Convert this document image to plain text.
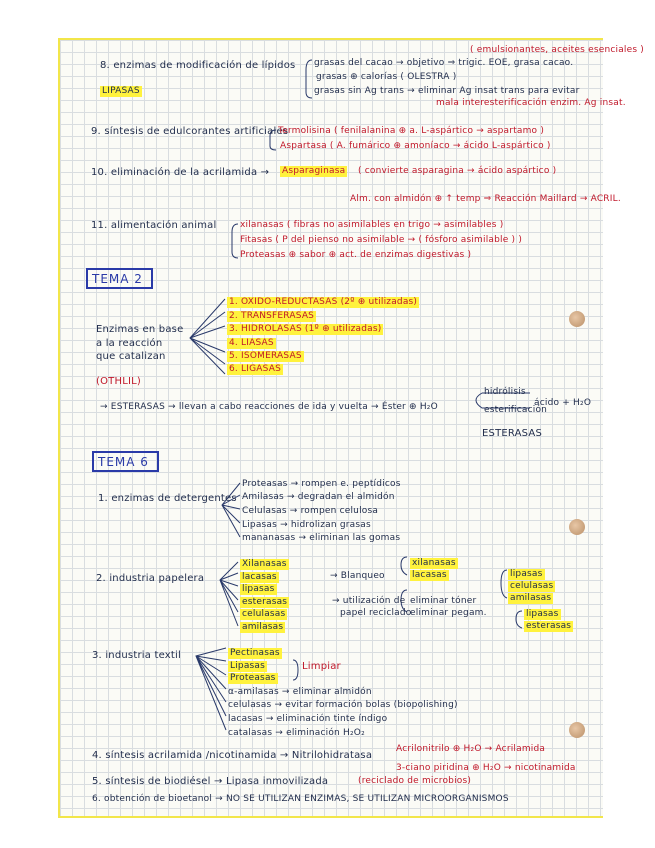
( emulsionantes, aceites esenciales )
8. enzimas de modificación de lípidos grasas del cacao → objetivo ⇒ trigic. EOE, grasa cacao.
grasas ⊕ calorías ( OLESTRA )
grasas sin Ag trans → eliminar Ag insat trans para evitar
mala interesterificación enzim. Ag insat.
LIPASAS
9. síntesis de edulcorantes artificiales
Termolisina ( fenilalanina ⊕ a. L-aspártico → aspartamo )
Aspartasa ( A. fumárico ⊕ amoníaco → ácido L-aspártico )
10. eliminación de la acrilamida → Asparaginasa ( convierte asparagina → ácido aspártico )
Alm. con almidón ⊕ ↑ temp ⇒ Reacción Maillard → ACRIL.
11. alimentación animal	xilanasas ( fibras no asimilables en trigo → asimilables )
Fitasas ( P del pienso no asimilable → ( fósforo asimilable ) )
Proteasas ⊕ sabor ⊕ act. de enzimas digestivas )
TEMA 2
1. OXIDO-REDUCTASAS (2º ⊕ utilizadas)
2. TRANSFERASAS
3. HIDROLASAS (1º ⊕ utilizadas)
4. LIASAS
5. ISOMERASAS
6. LIGASAS
Enzimas en base
a la reacción
que catalizan
(OTHLIL)
→ ESTERASAS → llevan a cabo reacciones de ida y vuelta → Éster ⊕ H₂O
hidrólisis
esterificación
ácido + H₂O
ESTERASAS
TEMA 6
1. enzimas de detergentes
Proteasas → rompen e. peptídicos
Amilasas → degradan el almidón
Celulasas → rompen celulosa
Lipasas → hidrolizan grasas
mananasas → eliminan las gomas
2. industria papelera
Xilanasas
lacasas
lipasas
esterasas
celulasas
amilasas
→ Blanqueo
xilanasas
lacasas
→ utilización de
papel reciclado
eliminar tóner
eliminar pegam.
lipasas
celulasas
amilasas
lipasas
esterasas
3. industria textil	Pectinasas
Lipasas
Proteasas
Limpiar
α-amilasas → eliminar almidón
celulasas → evitar formación bolas (biopolishing)
lacasas → eliminación tinte índigo
catalasas → eliminación H₂O₂
4. síntesis acrilamida /nicotinamida → Nitrilohidratasa
Acrilonitrilo ⊕ H₂O → Acrilamida
3-ciano piridina ⊕ H₂O → nicotinamida
5. síntesis de biodiésel → Lipasa inmovilizada	(reciclado de microbios)
6. obtención de bioetanol → NO SE UTILIZAN ENZIMAS, SE UTILIZAN MICROORGANISMOS
